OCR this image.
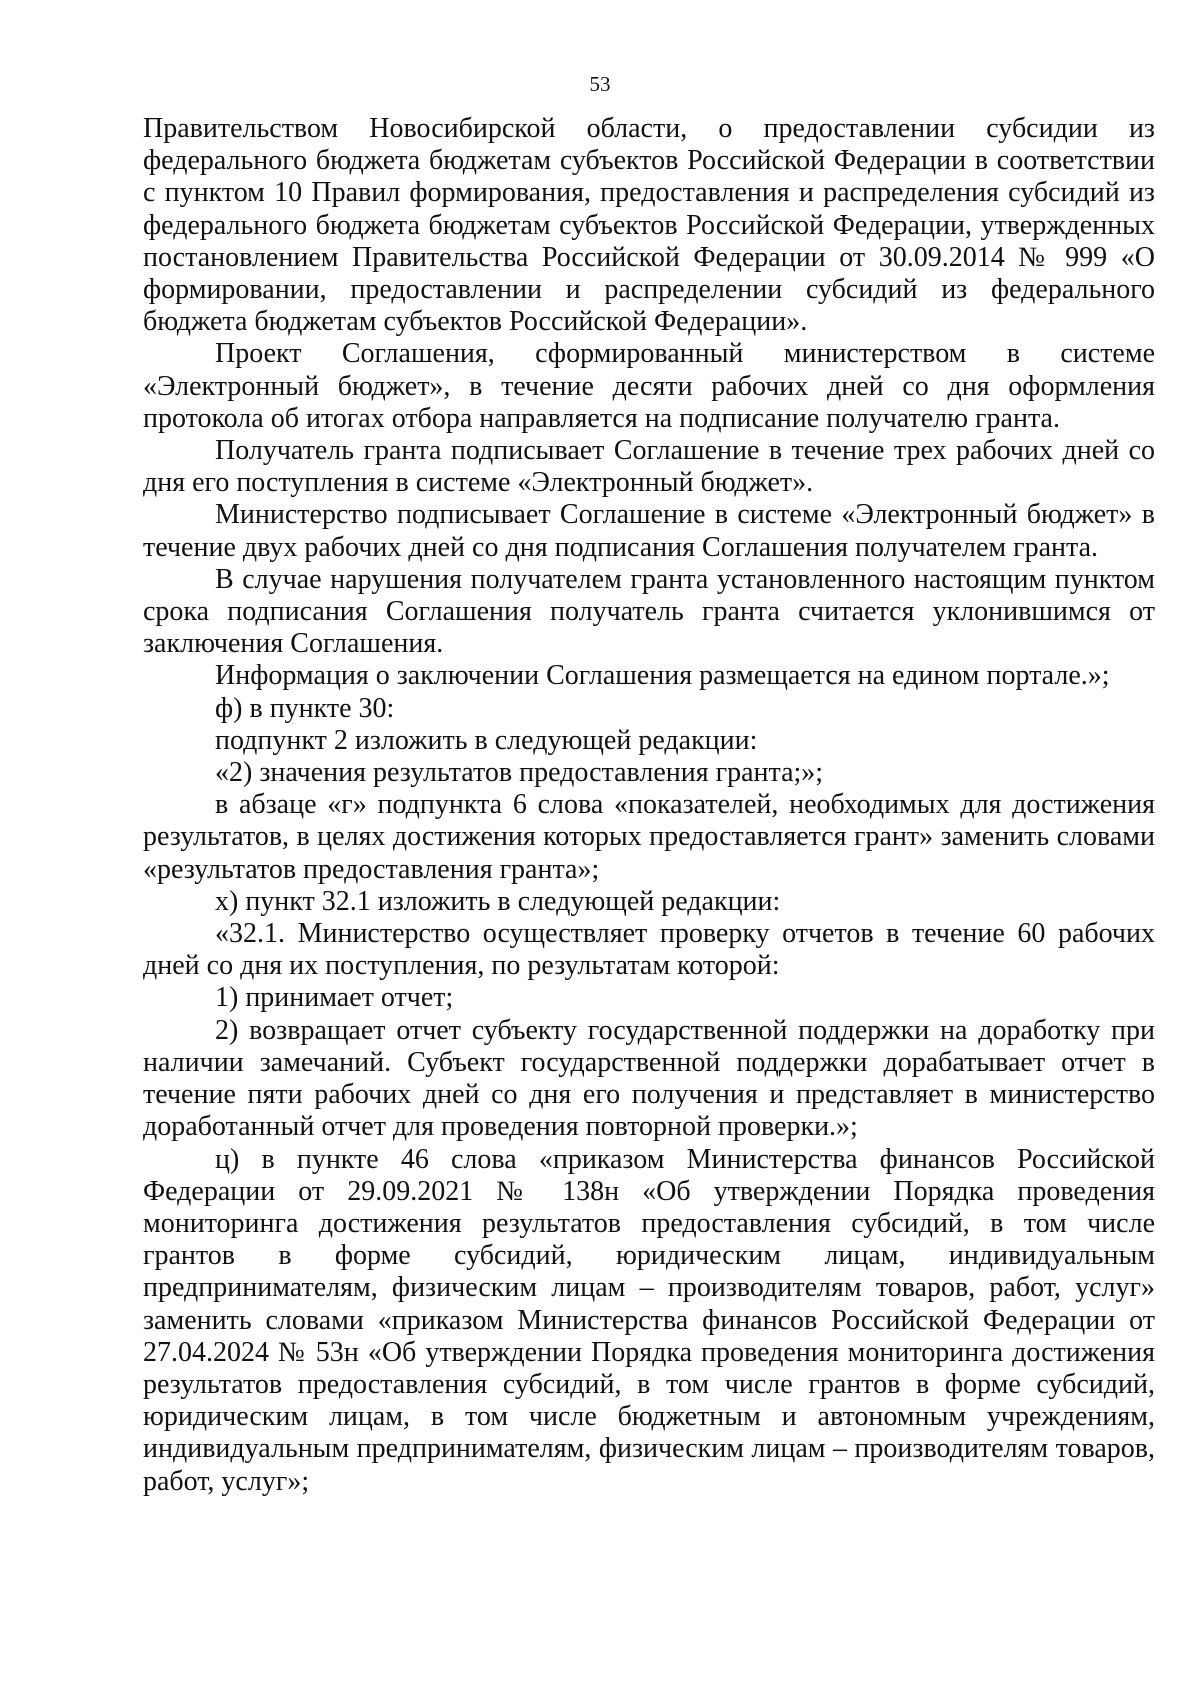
53

Правительством Новосибирской области, о предоставлении субсидии из федерального бюджета бюджетам субъектов Российской Федерации в соответствии с пунктом 10 Правил формирования, предоставления и распределения субсидий из федерального бюджета бюджетам субъектов Российской Федерации, утвержденных постановлением Правительства Российской Федерации от 30.09.2014 № 999 «О формировании, предоставлении и распределении субсидий из федерального бюджета бюджетам субъектов Российской Федерации».

Проект Соглашения, сформированный министерством в системе «Электронный бюджет», в течение десяти рабочих дней со дня оформления протокола об итогах отбора направляется на подписание получателю гранта.

Получатель гранта подписывает Соглашение в течение трех рабочих дней со дня его поступления в системе «Электронный бюджет».

Министерство подписывает Соглашение в системе «Электронный бюджет» в течение двух рабочих дней со дня подписания Соглашения получателем гранта.

В случае нарушения получателем гранта установленного настоящим пунктом срока подписания Соглашения получатель гранта считается уклонившимся от заключения Соглашения.

Информация о заключении Соглашения размещается на едином портале.»;

ф) в пункте 30:

подпункт 2 изложить в следующей редакции:

«2) значения результатов предоставления гранта;»;

в абзаце «г» подпункта 6 слова «показателей, необходимых для достижения результатов, в целях достижения которых предоставляется грант» заменить словами «результатов предоставления гранта»;

х) пункт 32.1 изложить в следующей редакции:

«32.1. Министерство осуществляет проверку отчетов в течение 60 рабочих дней со дня их поступления, по результатам которой:

1) принимает отчет;

2) возвращает отчет субъекту государственной поддержки на доработку при наличии замечаний. Субъект государственной поддержки дорабатывает отчет в течение пяти рабочих дней со дня его получения и представляет в министерство доработанный отчет для проведения повторной проверки.»;

ц) в пункте 46 слова «приказом Министерства финансов Российской Федерации от 29.09.2021 № 138н «Об утверждении Порядка проведения мониторинга достижения результатов предоставления субсидий, в том числе грантов в форме субсидий, юридическим лицам, индивидуальным предпринимателям, физическим лицам – производителям товаров, работ, услуг» заменить словами «приказом Министерства финансов Российской Федерации от 27.04.2024 № 53н «Об утверждении Порядка проведения мониторинга достижения результатов предоставления субсидий, в том числе грантов в форме субсидий, юридическим лицам, в том числе бюджетным и автономным учреждениям, индивидуальным предпринимателям, физическим лицам – производителям товаров, работ, услуг»;
